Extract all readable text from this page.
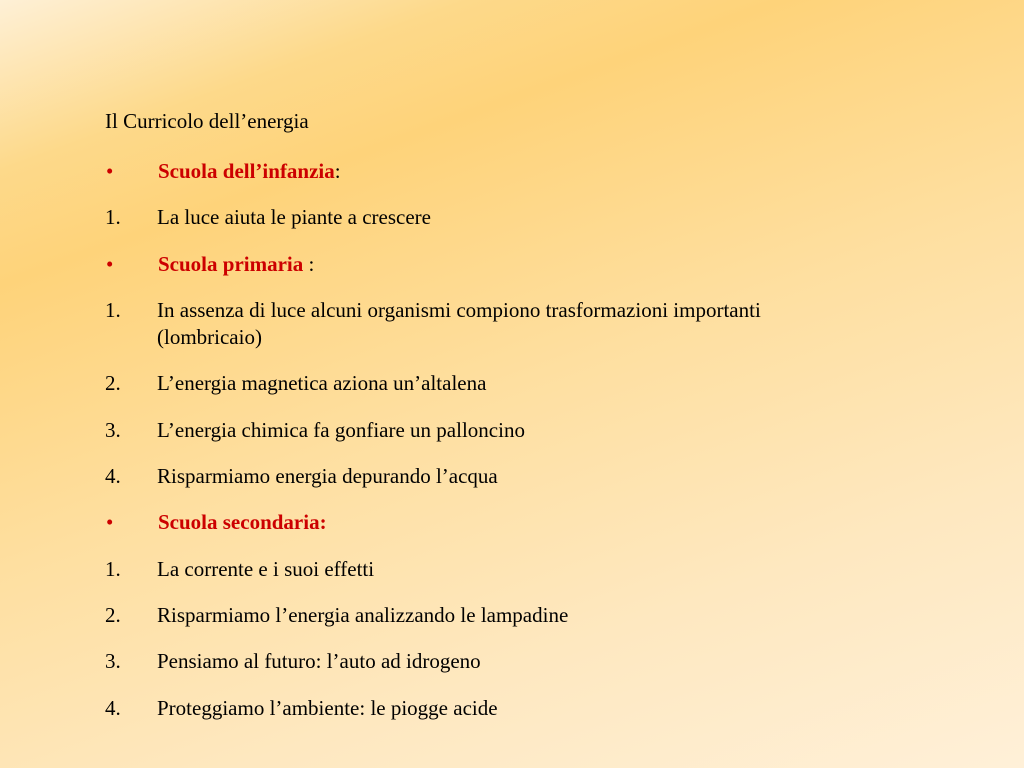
Il Curricolo dell’energia

•	Scuola dell’infanzia:
1.	La luce aiuta le piante a crescere
•	Scuola primaria :
1.	In assenza di luce alcuni organismi compiono trasformazioni importanti (lombricaio)
2.	L’energia magnetica aziona un’altalena
3.	L’energia chimica fa gonfiare un palloncino
4.	Risparmiamo energia depurando l’acqua
•	Scuola secondaria:
1.	La corrente e i suoi effetti
2.	Risparmiamo l’energia analizzando le lampadine
3.	Pensiamo al futuro: l’auto ad idrogeno
4.	Proteggiamo l’ambiente: le piogge acide
